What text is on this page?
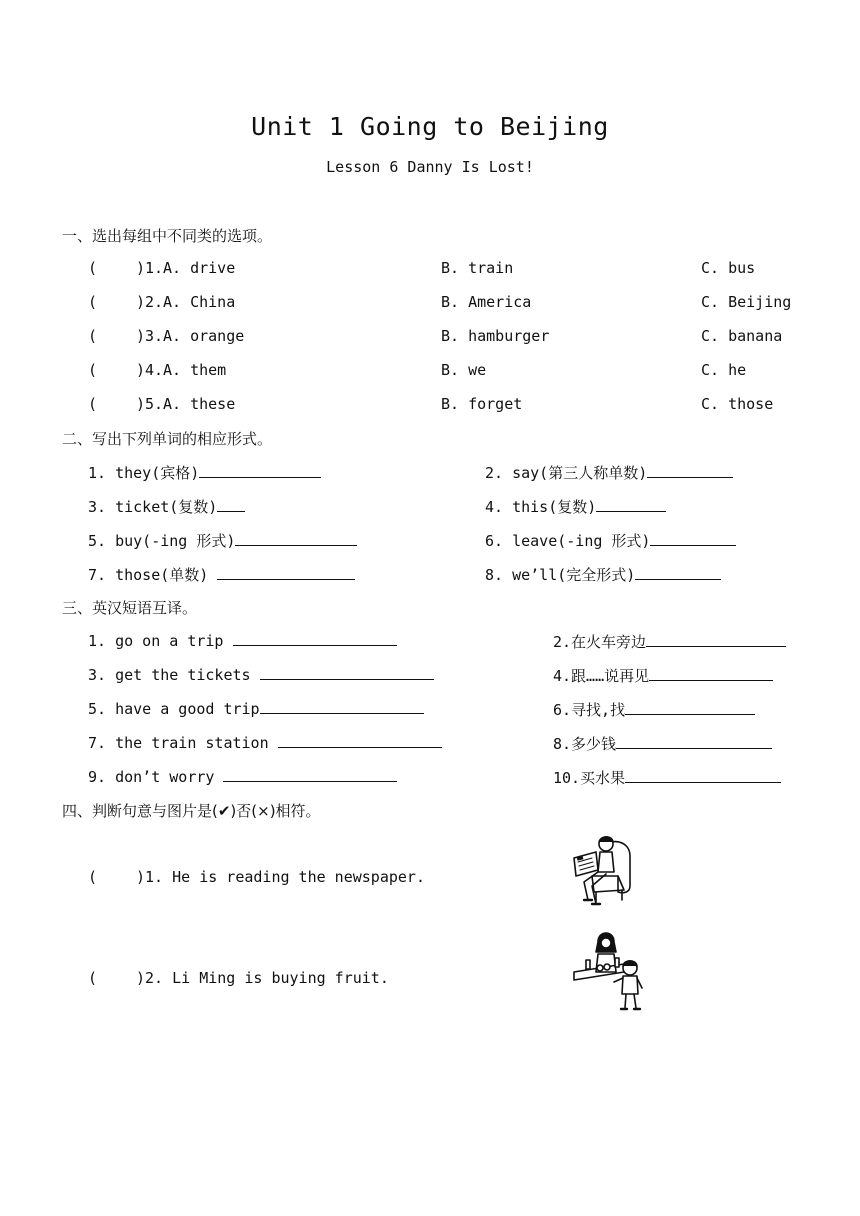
Unit 1 Going to Beijing
Lesson 6 Danny Is Lost!
一、选出每组中不同类的选项。
(	)1. A. drive	B. train	C. bus
(	)2. A. China	B. America	C. Beijing
(	)3. A. orange	B. hamburger	C. banana
(	)4. A. them	B. we	C. he
(	)5. A. these	B. forget	C. those
二、写出下列单词的相应形式。
1. they(宾格)	2. say(第三人称单数)
3. ticket(复数)	4. this(复数)
5. buy(-ing 形式)	6. leave(-ing 形式)
7. those(单数)	8. we’ll(完全形式)
三、英汉短语互译。
1. go on a trip	2.在火车旁边
3. get the tickets	4.跟……说再见
5. have a good trip	6.寻找,找
7. the train station	8.多少钱
9. don’t worry	10.买水果
四、判断句意与图片是(✔)否(×)相符。
(	)1. He is reading the newspaper.
(	)2. Li Ming is buying fruit.
